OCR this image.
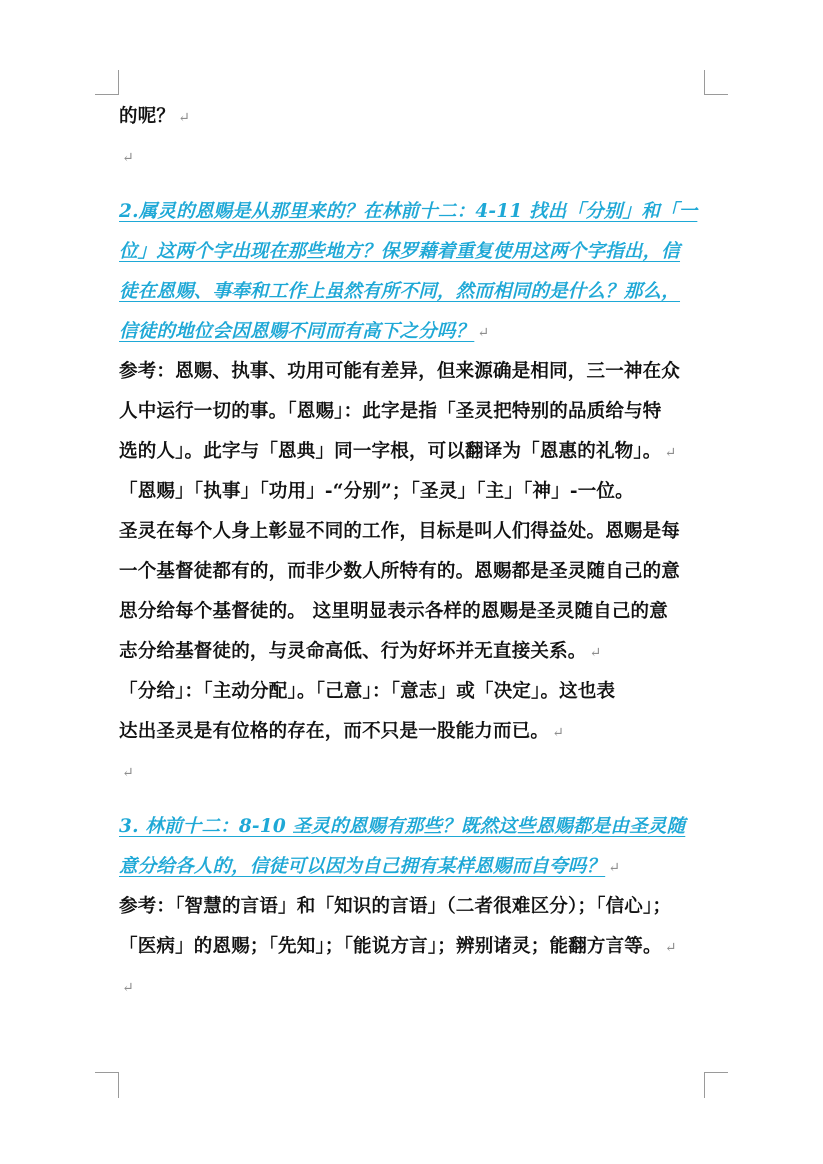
的呢？ ↵
↵
2.属灵的恩赐是从那里来的？在林前十二：4-11 找出「分别」和「一
位」这两个字出现在那些地方？保罗藉着重复使用这两个字指出，信
徒在恩赐、事奉和工作上虽然有所不同，然而相同的是什么？那么，
信徒的地位会因恩赐不同而有高下之分吗？ ↵
参考：恩赐、执事、功用可能有差异，但来源确是相同，三一神在众
人中运行一切的事。「恩赐」：此字是指「圣灵把特别的品质给与特
选的人」。此字与「恩典」同一字根，可以翻译为「恩惠的礼物」。 ↵
「恩赐」「执事」「功用」-“分别”；「圣灵」「主」「神」-一位。
圣灵在每个人身上彰显不同的工作，目标是叫人们得益处。恩赐是每
一个基督徒都有的，而非少数人所特有的。恩赐都是圣灵随自己的意
思分给每个基督徒的。 这里明显表示各样的恩赐是圣灵随自己的意
志分给基督徒的，与灵命高低、行为好坏并无直接关系。 ↵
「分给」：「主动分配」。「己意」：「意志」或「决定」。这也表
达出圣灵是有位格的存在，而不只是一股能力而已。 ↵
↵
3. 林前十二：8-10 圣灵的恩赐有那些？既然这些恩赐都是由圣灵随
意分给各人的，信徒可以因为自己拥有某样恩赐而自夸吗？ ↵
参考：「智慧的言语」和「知识的言语」（二者很难区分）；「信心」；
「医病」的恩赐；「先知」；「能说方言」；辨别诸灵；能翻方言等。 ↵
↵
